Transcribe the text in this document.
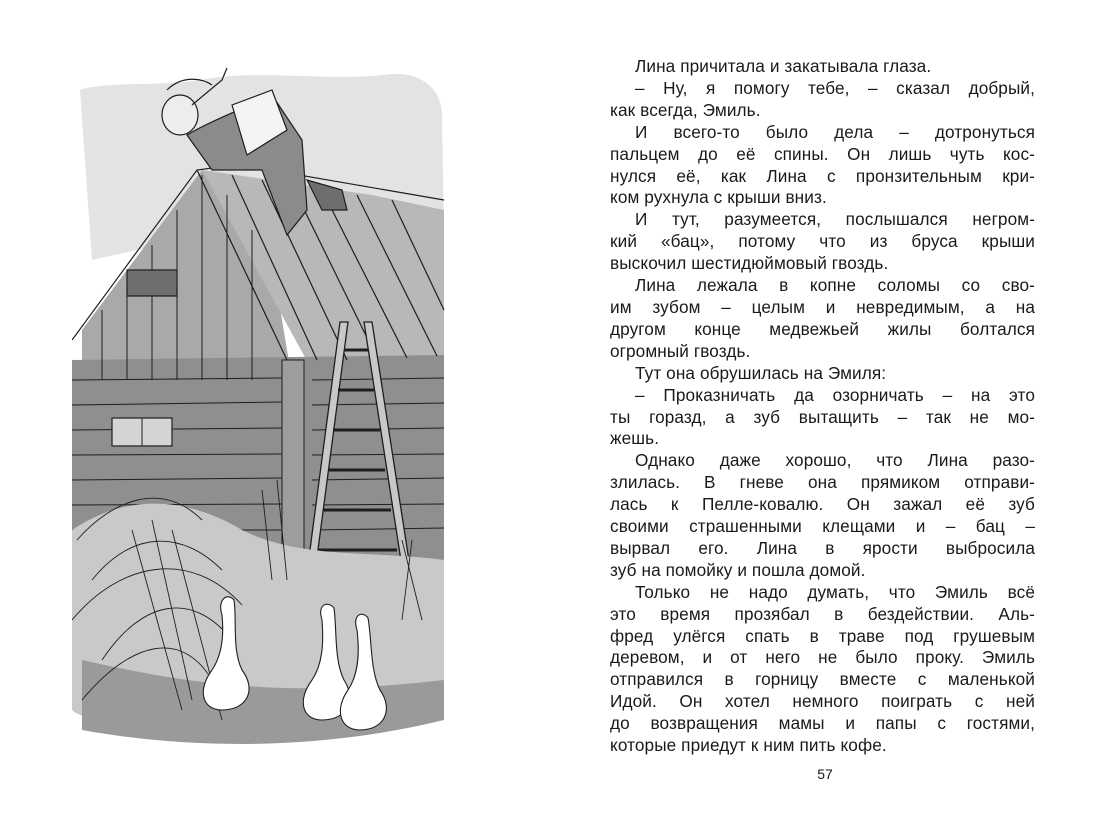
Лина причитала и закатывала глаза.

– Ну, я помогу тебе, – сказал добрый,
как всегда, Эмиль.

И всего-то было дела – дотронуться
пальцем до её спины. Он лишь чуть кос-
нулся её, как Лина с пронзительным кри-
ком рухнула с крыши вниз.

И тут, разумеется, послышался негром-
кий «бац», потому что из бруса крыши
выскочил шестидюймовый гвоздь.

Лина лежала в копне соломы со сво-
им зубом – целым и невредимым, а на
другом конце медвежьей жилы болтался
огромный гвоздь.

Тут она обрушилась на Эмиля:

– Проказничать да озорничать – на это
ты горазд, а зуб вытащить – так не мо-
жешь.

Однако даже хорошо, что Лина разо-
злилась. В гневе она прямиком отправи-
лась к Пелле-ковалю. Он зажал её зуб
своими страшенными клещами и – бац –
вырвал его. Лина в ярости выбросила
зуб на помойку и пошла домой.

Только не надо думать, что Эмиль всё
это время прозябал в бездействии. Аль-
фред улёгся спать в траве под грушевым
деревом, и от него не было проку. Эмиль
отправился в горницу вместе с маленькой
Идой. Он хотел немного поиграть с ней
до возвращения мамы и папы с гостями,
которые приедут к ним пить кофе.

57
